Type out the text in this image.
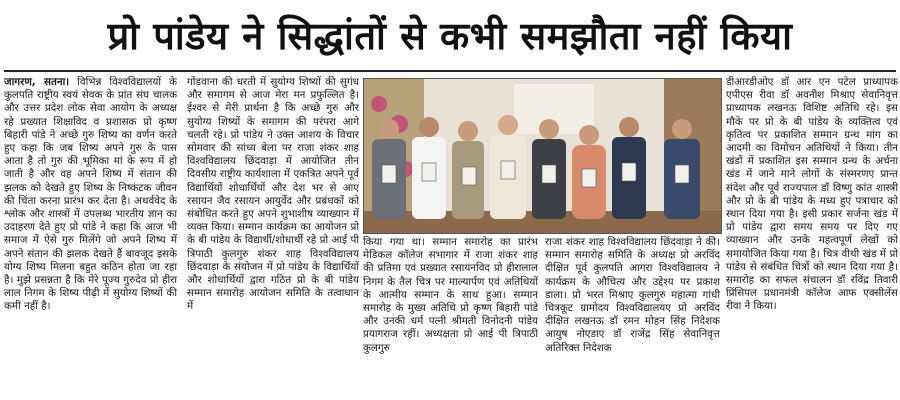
प्रो पांडेय ने सिद्धांतों से कभी समझौता नहीं किया

जागरण, सतना। विभिन्न विश्वविद्यालयों के कुलपति राष्ट्रीय स्वयं सेवक के प्रांत संघ चालक और उत्तर प्रदेश लोक सेवा आयोग के अध्यक्ष रहे प्रख्यात शिक्षाविद व प्रशासक प्रो कृष्ण बिहारी पांडे ने अच्छे गुरु शिष्य का वर्णन करते हुए कहा कि जब शिष्य अपने गुरु के पास आता है तो गुरु की भूमिका मां के रूप में हो जाती है और वह अपने शिष्य में संतान की झलक को देखते हुए शिष्य के निष्कंटक जीवन की चिंता करना प्रारंभ कर देता है। अथर्ववेद के श्लोक और शास्त्रों में उपलब्ध भारतीय ज्ञान का उदाहरण देते हुए प्रो पांडे ने कहा कि आज भी समाज में ऐसे गुरु मिलेंगे जो अपने शिष्य में अपने संतान की झलक देखते हैं बावजूद इसके योग्य शिष्य मिलना बहुत कठिन होता जा रहा है। मुझे प्रसन्नता है कि मेरे पूज्य गुरुदेव प्रो हीरा लाल निगम के शिष्य पीढ़ी में सुयोग्य शिष्यों की कमी नहीं है।

गोंडवाना की धरती में सुयोग्य शिष्यों की सुगंध और समागम से आज मेरा मन प्रफुल्लित है। ईश्वर से मेरी प्रार्थना है कि अच्छे गुरु और सुयोग्य शिष्यों के समागम की परंपरा आगे चलती रहे। प्रो पांडेय ने उक्त आशय के विचार सोमवार की सांध्य बेला पर राजा शंकर शाह विश्वविद्यालय छिंदवाड़ा में आयोजित तीन दिवसीय राष्ट्रीय कार्यशाला में एकत्रित अपने पूर्व विद्यार्थियों शोधार्थियों और देश भर से आए रसायन जैव रसायन आयुर्वेद और प्रबंधकों को संबोधित करते हुए अपने शुभाशीष व्याख्यान में व्यक्त किया। सम्मान कार्यक्रम का आयोजन प्रो के बी पांडेय के विद्यार्थी/शोधार्थी रहे प्रो आई पी त्रिपाठी कुलगुरु शंकर शाह विश्वविद्यालय छिंदवाड़ा के संयोजन में प्रो पांडेय के विद्यार्थियों और शोधार्थियों द्वारा गठित प्रो के बी पांडेय सम्मान समारोह आयोजन समिति के तत्वाधान में

किया गया था। सम्मान समारोह का प्रारंभ मेडिकल कॉलेज सभागार में राजा शंकर शाह की प्रतिमा एवं प्रख्यात रसायनविद प्रो हीरालाल निगम के तैल चित्र पर माल्यार्पण एवं अतिथियों के आत्मीय सम्मान के साथ हुआ। सम्मान समारोह के मुख्य अतिथि प्रो कृष्ण बिहारी पांडे और उनकी धर्म पत्नी श्रीमती विनोदनी पांडेय प्रयागराज रहीं। अध्यक्षता प्रो आई पी त्रिपाठी कुलगुरु

राजा शंकर शाह विश्वविद्यालय छिंदवाड़ा ने की। सम्मान समारोह समिति के अध्यक्ष प्रो अरविंद दीक्षित पूर्व कुलपति आगरा विश्वविद्यालय ने कार्यक्रम के औचित्य और उद्देश्य पर प्रकाश डाला। प्रो भरत मिश्राए कुलगुरु महात्मा गांधी चित्रकूट ग्रामोदय विश्वविद्यालयए प्रो अरविंद दीक्षित लखनऊ डॉ रमन मोहन सिंह निदेशक आयुष नोएडाए डॉ राजेंद्र सिंह सेवानिवृत्त अतिरिक्त निदेशक

डीआरडीओए डॉ आर एन पटेल प्राध्यापक एपीएस रीवा डॉ अवनीश मिश्राए सेवानिवृत्त प्राध्यापक लखनऊ विशिष्ट अतिथि रहे। इस मौके पर प्रो के बी पांडेय के व्यक्तित्व एवं कृतित्व पर प्रकाशित सम्मान ग्रन्थ मांग का आदमी का विमोचन अतिथियों ने किया। तीन खंडों में प्रकाशित इस सम्मान ग्रन्थ के अर्चना खंड में जाने माने लोगों के संस्मरणए प्रान्त संदेश और पूर्व राज्यपाल डॉ विष्णु कांत शास्त्री और प्रो के बी पांडेय के मध्य हुए पत्राचार को स्थान दिया गया है। इसी प्रकार सर्जना खंड में प्रो पांडेय द्वारा समय समय पर दिए गए व्याख्यान और उनके महत्वपूर्ण लेखों को समायोजित किया गया है। चित्र वीथी खंड में प्रो पांडेय से संबंधित चित्रों को स्थान दिया गया है। समारोह का सफल संचालन डॉ रविंद्र तिवारी प्रिंसिपल प्रधानमंत्री कॉलेज आफ एक्सीलेंस रीवा ने किया।
